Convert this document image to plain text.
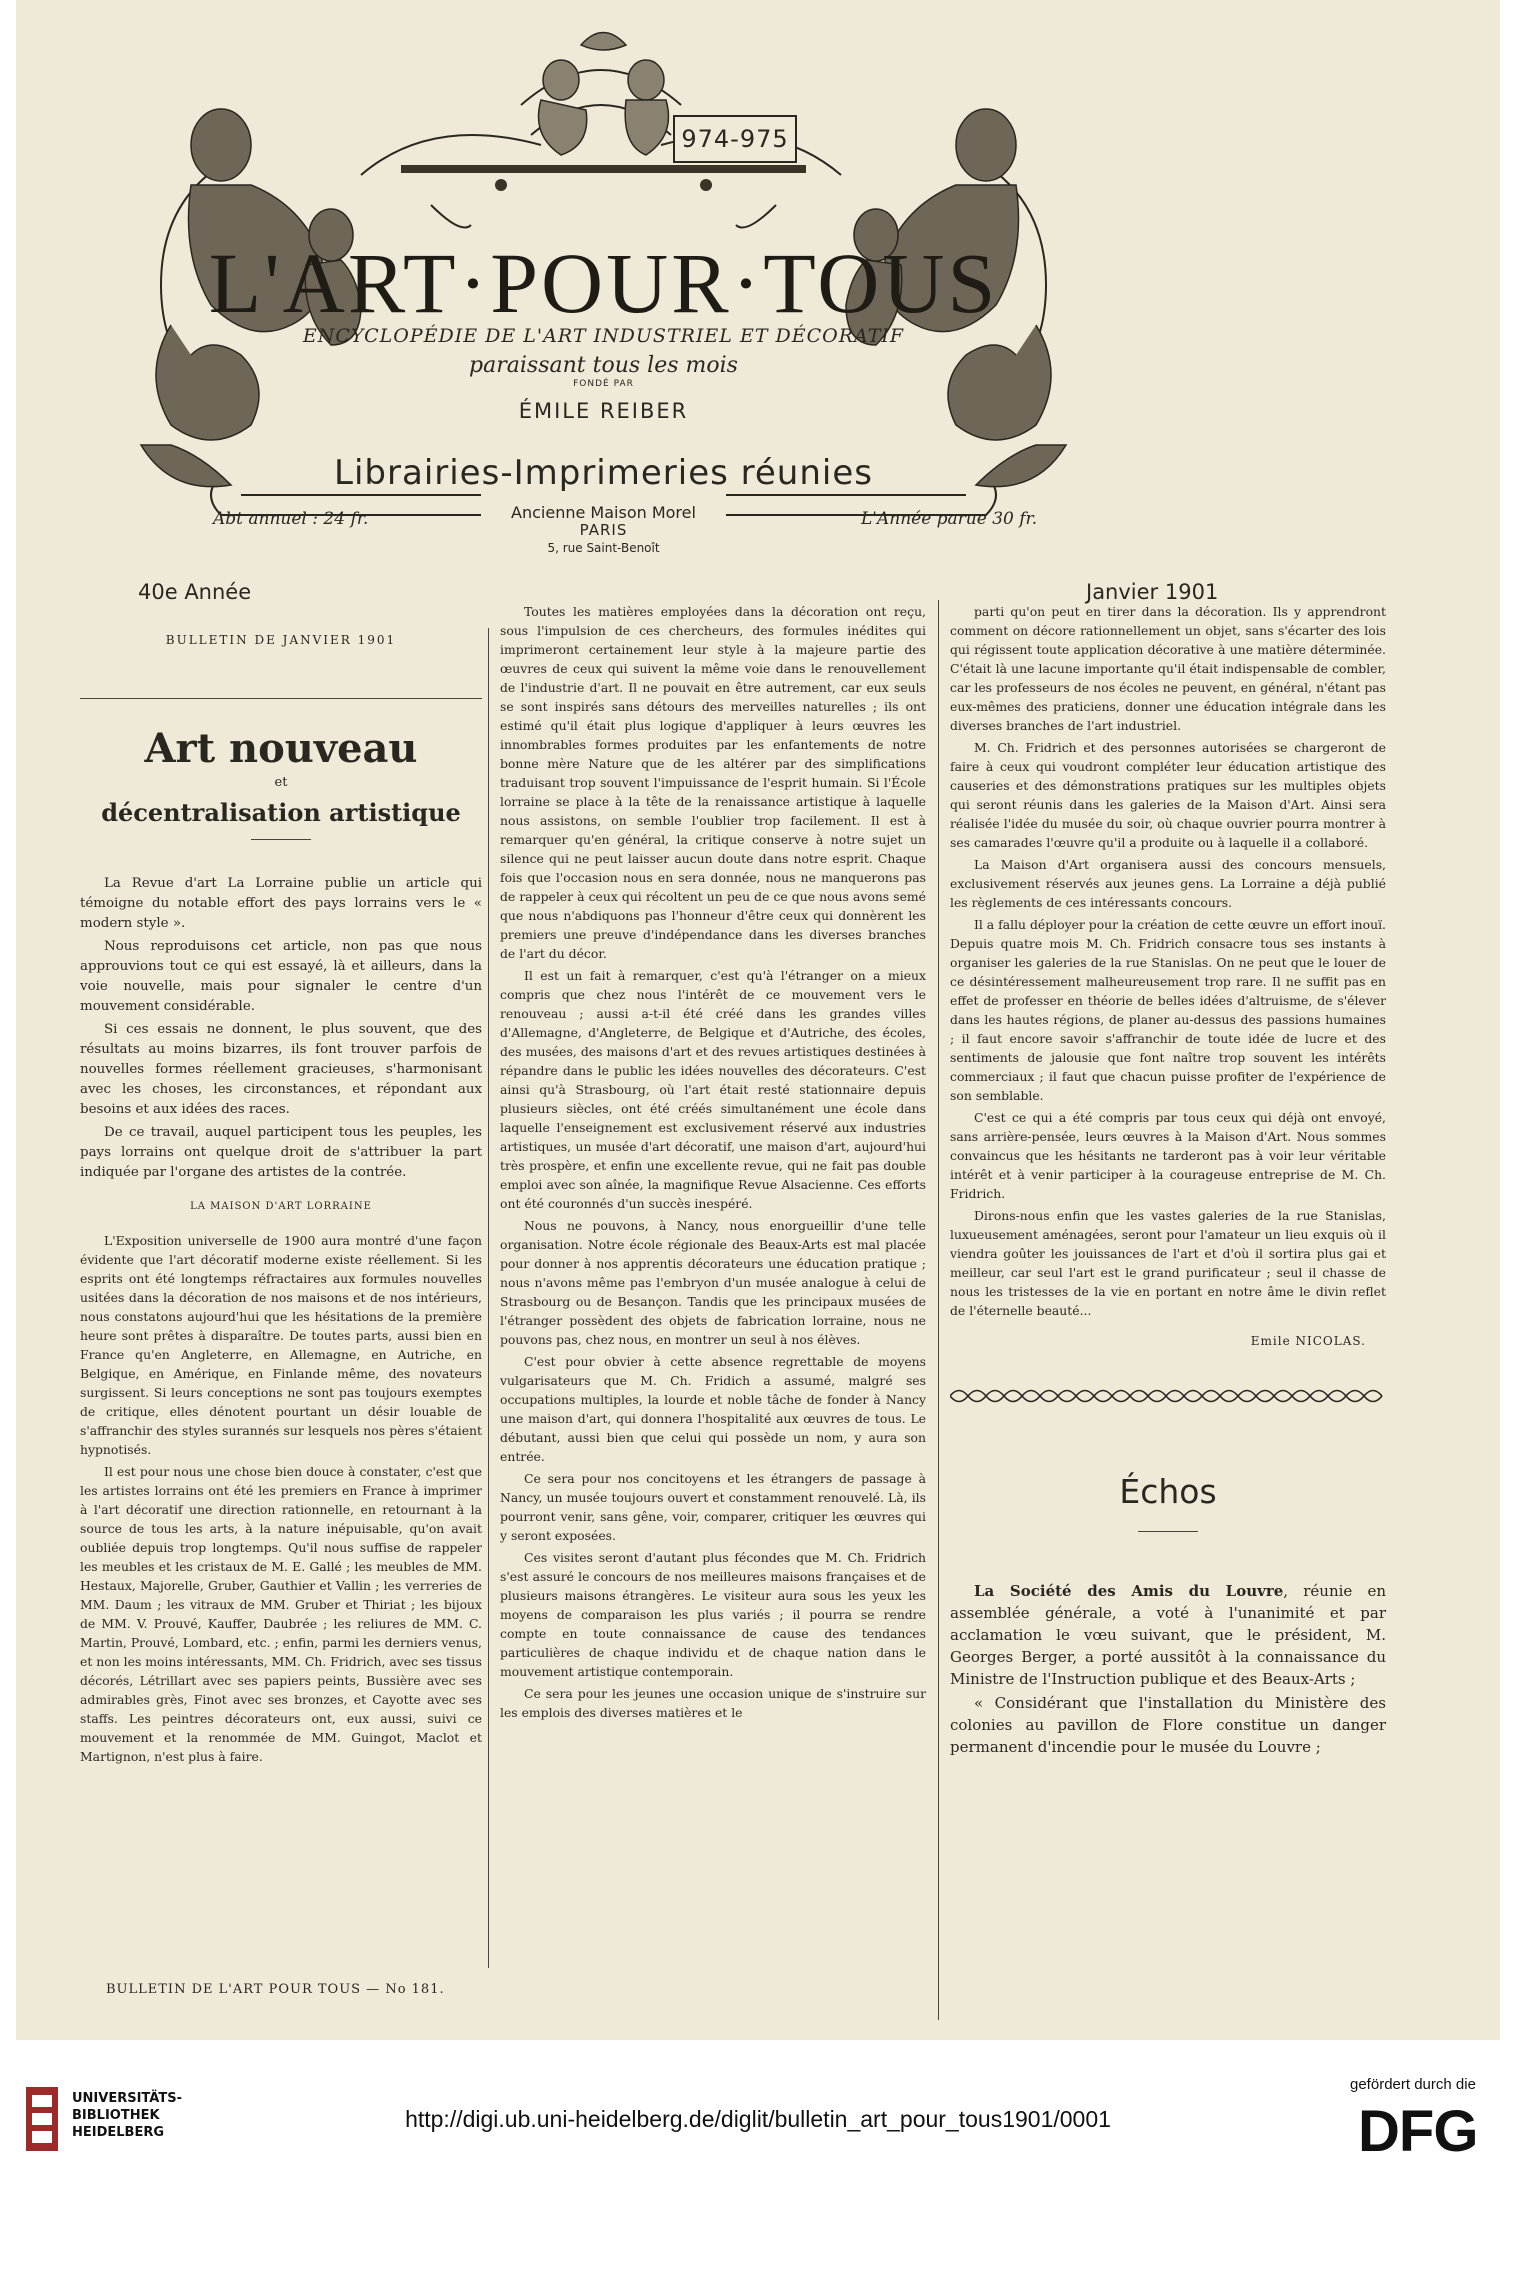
974-975
L'ART·POUR·TOUS
ENCYCLOPÉDIE DE L'ART INDUSTRIEL ET DÉCORATIF
paraissant tous les mois
FONDÉ PAR
ÉMILE REIBER
Librairies-Imprimeries réunies
Ancienne Maison Morel
PARIS
5, rue Saint-Benoît
Abt annuel : 24 fr.	L'Année parue 30 fr.
40e Année	Janvier 1901
BULLETIN DE JANVIER 1901
Art nouveau
et
décentralisation artistique

La Revue d'art La Lorraine publie un article qui témoigne du notable effort des pays lorrains vers le « modern style ».

Nous reproduisons cet article, non pas que nous approuvions tout ce qui est essayé, là et ailleurs, dans la voie nouvelle, mais pour signaler le centre d'un mouvement considérable.

Si ces essais ne donnent, le plus souvent, que des résultats au moins bizarres, ils font trouver parfois de nouvelles formes réellement gracieuses, s'harmonisant avec les choses, les circonstances, et répondant aux besoins et aux idées des races.

De ce travail, auquel participent tous les peuples, les pays lorrains ont quelque droit de s'attribuer la part indiquée par l'organe des artistes de la contrée.

LA MAISON D'ART LORRAINE

L'Exposition universelle de 1900 aura montré d'une façon évidente que l'art décoratif moderne existe réellement. Si les esprits ont été longtemps réfractaires aux formules nouvelles usitées dans la décoration de nos maisons et de nos intérieurs, nous constatons aujourd'hui que les hésitations de la première heure sont prêtes à disparaître. De toutes parts, aussi bien en France qu'en Angleterre, en Allemagne, en Autriche, en Belgique, en Amérique, en Finlande même, des novateurs surgissent. Si leurs conceptions ne sont pas toujours exemptes de critique, elles dénotent pourtant un désir louable de s'affranchir des styles surannés sur lesquels nos pères s'étaient hypnotisés.

Il est pour nous une chose bien douce à constater, c'est que les artistes lorrains ont été les premiers en France à imprimer à l'art décoratif une direction rationnelle, en retournant à la source de tous les arts, à la nature inépuisable, qu'on avait oubliée depuis trop longtemps. Qu'il nous suffise de rappeler les meubles et les cristaux de M. E. Gallé ; les meubles de MM. Hestaux, Majorelle, Gruber, Gauthier et Vallin ; les verreries de MM. Daum ; les vitraux de MM. Gruber et Thiriat ; les bijoux de MM. V. Prouvé, Kauffer, Daubrée ; les reliures de MM. C. Martin, Prouvé, Lombard, etc. ; enfin, parmi les derniers venus, et non les moins intéressants, MM. Ch. Fridrich, avec ses tissus décorés, Létrillart avec ses papiers peints, Bussière avec ses admirables grès, Finot avec ses bronzes, et Cayotte avec ses staffs. Les peintres décorateurs ont, eux aussi, suivi ce mouvement et la renommée de MM. Guingot, Maclot et Martignon, n'est plus à faire.

Toutes les matières employées dans la décoration ont reçu, sous l'impulsion de ces chercheurs, des formules inédites qui imprimeront certainement leur style à la majeure partie des œuvres de ceux qui suivent la même voie dans le renouvellement de l'industrie d'art. Il ne pouvait en être autrement, car eux seuls se sont inspirés sans détours des merveilles naturelles ; ils ont estimé qu'il était plus logique d'appliquer à leurs œuvres les innombrables formes produites par les enfantements de notre bonne mère Nature que de les altérer par des simplifications traduisant trop souvent l'impuissance de l'esprit humain. Si l'École lorraine se place à la tête de la renaissance artistique à laquelle nous assistons, on semble l'oublier trop facilement. Il est à remarquer qu'en général, la critique conserve à notre sujet un silence qui ne peut laisser aucun doute dans notre esprit. Chaque fois que l'occasion nous en sera donnée, nous ne manquerons pas de rappeler à ceux qui récoltent un peu de ce que nous avons semé que nous n'abdiquons pas l'honneur d'être ceux qui donnèrent les premiers une preuve d'indépendance dans les diverses branches de l'art du décor.

Il est un fait à remarquer, c'est qu'à l'étranger on a mieux compris que chez nous l'intérêt de ce mouvement vers le renouveau ; aussi a-t-il été créé dans les grandes villes d'Allemagne, d'Angleterre, de Belgique et d'Autriche, des écoles, des musées, des maisons d'art et des revues artistiques destinées à répandre dans le public les idées nouvelles des décorateurs. C'est ainsi qu'à Strasbourg, où l'art était resté stationnaire depuis plusieurs siècles, ont été créés simultanément une école dans laquelle l'enseignement est exclusivement réservé aux industries artistiques, un musée d'art décoratif, une maison d'art, aujourd'hui très prospère, et enfin une excellente revue, qui ne fait pas double emploi avec son aînée, la magnifique Revue Alsacienne. Ces efforts ont été couronnés d'un succès inespéré.

Nous ne pouvons, à Nancy, nous enorgueillir d'une telle organisation. Notre école régionale des Beaux-Arts est mal placée pour donner à nos apprentis décorateurs une éducation pratique ; nous n'avons même pas l'embryon d'un musée analogue à celui de Strasbourg ou de Besançon. Tandis que les principaux musées de l'étranger possèdent des objets de fabrication lorraine, nous ne pouvons pas, chez nous, en montrer un seul à nos élèves.

C'est pour obvier à cette absence regrettable de moyens vulgarisateurs que M. Ch. Fridich a assumé, malgré ses occupations multiples, la lourde et noble tâche de fonder à Nancy une maison d'art, qui donnera l'hospitalité aux œuvres de tous. Le débutant, aussi bien que celui qui possède un nom, y aura son entrée.

Ce sera pour nos concitoyens et les étrangers de passage à Nancy, un musée toujours ouvert et constamment renouvelé. Là, ils pourront venir, sans gêne, voir, comparer, critiquer les œuvres qui y seront exposées.

Ces visites seront d'autant plus fécondes que M. Ch. Fridrich s'est assuré le concours de nos meilleures maisons françaises et de plusieurs maisons étrangères. Le visiteur aura sous les yeux les moyens de comparaison les plus variés ; il pourra se rendre compte en toute connaissance de cause des tendances particulières de chaque individu et de chaque nation dans le mouvement artistique contemporain.

Ce sera pour les jeunes une occasion unique de s'instruire sur les emplois des diverses matières et le

parti qu'on peut en tirer dans la décoration. Ils y apprendront comment on décore rationnellement un objet, sans s'écarter des lois qui régissent toute application décorative à une matière déterminée. C'était là une lacune importante qu'il était indispensable de combler, car les professeurs de nos écoles ne peuvent, en général, n'étant pas eux-mêmes des praticiens, donner une éducation intégrale dans les diverses branches de l'art industriel.

M. Ch. Fridrich et des personnes autorisées se chargeront de faire à ceux qui voudront compléter leur éducation artistique des causeries et des démonstrations pratiques sur les multiples objets qui seront réunis dans les galeries de la Maison d'Art. Ainsi sera réalisée l'idée du musée du soir, où chaque ouvrier pourra montrer à ses camarades l'œuvre qu'il a produite ou à laquelle il a collaboré.

La Maison d'Art organisera aussi des concours mensuels, exclusivement réservés aux jeunes gens. La Lorraine a déjà publié les règlements de ces intéressants concours.

Il a fallu déployer pour la création de cette œuvre un effort inouï. Depuis quatre mois M. Ch. Fridrich consacre tous ses instants à organiser les galeries de la rue Stanislas. On ne peut que le louer de ce désintéressement malheureusement trop rare. Il ne suffit pas en effet de professer en théorie de belles idées d'altruisme, de s'élever dans les hautes régions, de planer au-dessus des passions humaines ; il faut encore savoir s'affranchir de toute idée de lucre et des sentiments de jalousie que font naître trop souvent les intérêts commerciaux ; il faut que chacun puisse profiter de l'expérience de son semblable.

C'est ce qui a été compris par tous ceux qui déjà ont envoyé, sans arrière-pensée, leurs œuvres à la Maison d'Art. Nous sommes convaincus que les hésitants ne tarderont pas à voir leur véritable intérêt et à venir participer à la courageuse entreprise de M. Ch. Fridrich.

Dirons-nous enfin que les vastes galeries de la rue Stanislas, luxueusement aménagées, seront pour l'amateur un lieu exquis où il viendra goûter les jouissances de l'art et d'où il sortira plus gai et meilleur, car seul l'art est le grand purificateur ; seul il chasse de nous les tristesses de la vie en portant en notre âme le divin reflet de l'éternelle beauté...

Emile NICOLAS.
Échos

La Société des Amis du Louvre, réunie en assemblée générale, a voté à l'unanimité et par acclamation le vœu suivant, que le président, M. Georges Berger, a porté aussitôt à la connaissance du Ministre de l'Instruction publique et des Beaux-Arts ;

« Considérant que l'installation du Ministère des colonies au pavillon de Flore constitue un danger permanent d'incendie pour le musée du Louvre ;

BULLETIN DE L'ART POUR TOUS — No 181.
UNIVERSITÄTS-
BIBLIOTHEK
HEIDELBERG
http://digi.ub.uni-heidelberg.de/diglit/bulletin_art_pour_tous1901/0001
gefördert durch die
DFG
